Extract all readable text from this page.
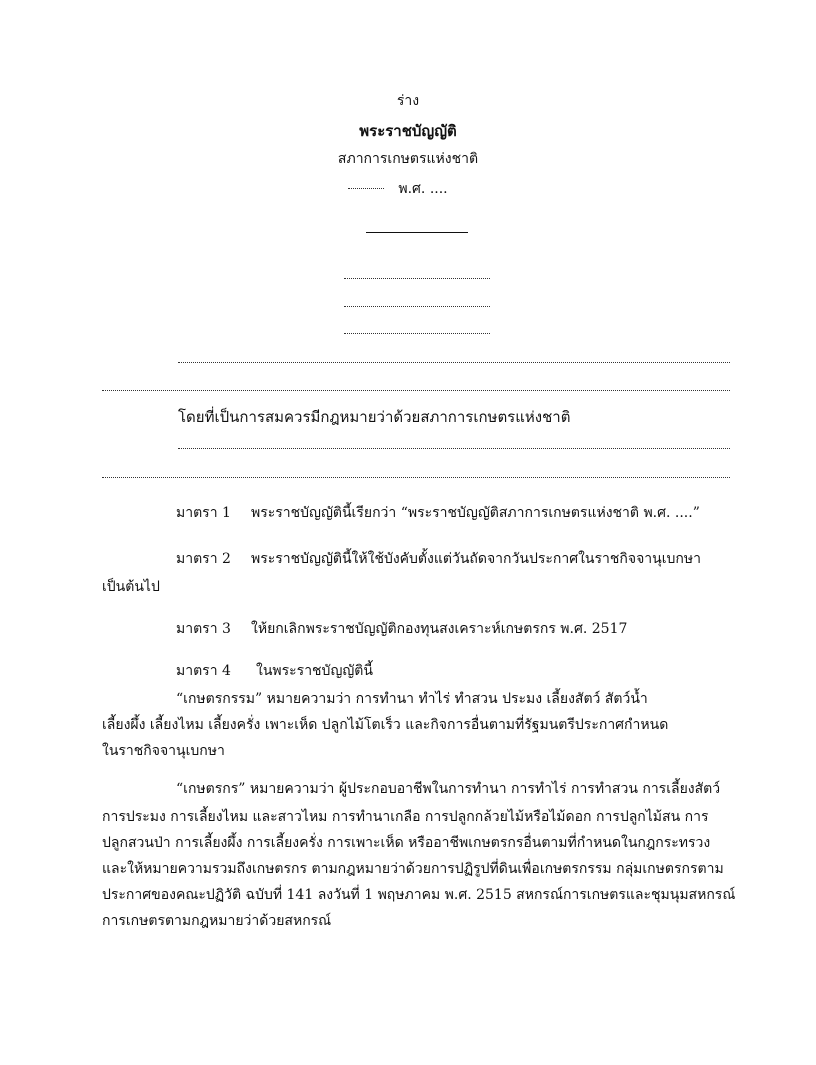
ร่าง
พระราชบัญญัติ
สภาการเกษตรแห่งชาติ
พ.ศ. ....
โดยที่เป็นการสมควรมีกฎหมายว่าด้วยสภาการเกษตรแห่งชาติ
มาตรา 1 พระราชบัญญัตินี้เรียกว่า “พระราชบัญญัติสภาการเกษตรแห่งชาติ พ.ศ. ....”
มาตรา 2 พระราชบัญญัตินี้ให้ใช้บังคับตั้งแต่วันถัดจากวันประกาศในราชกิจจานุเบกษา
เป็นต้นไป
มาตรา 3 ให้ยกเลิกพระราชบัญญัติกองทุนสงเคราะห์เกษตรกร พ.ศ. 2517
มาตรา 4 ในพระราชบัญญัตินี้
“เกษตรกรรม” หมายความว่า การทำนา ทำไร่ ทำสวน ประมง เลี้ยงสัตว์ สัตว์น้ำ
เลี้ยงผึ้ง เลี้ยงไหม เลี้ยงครั่ง เพาะเห็ด ปลูกไม้โตเร็ว และกิจการอื่นตามที่รัฐมนตรีประกาศกำหนด
ในราชกิจจานุเบกษา
“เกษตรกร” หมายความว่า ผู้ประกอบอาชีพในการทำนา การทำไร่ การทำสวน การเลี้ยงสัตว์
การประมง การเลี้ยงไหม และสาวไหม การทำนาเกลือ การปลูกกล้วยไม้หรือไม้ดอก การปลูกไม้สน การ
ปลูกสวนป่า การเลี้ยงผึ้ง การเลี้ยงครั่ง การเพาะเห็ด หรืออาชีพเกษตรกรอื่นตามที่กำหนดในกฎกระทรวง
และให้หมายความรวมถึงเกษตรกร ตามกฎหมายว่าด้วยการปฏิรูปที่ดินเพื่อเกษตรกรรม กลุ่มเกษตรกรตาม
ประกาศของคณะปฏิวัติ ฉบับที่ 141 ลงวันที่ 1 พฤษภาคม พ.ศ. 2515 สหกรณ์การเกษตรและชุมนุมสหกรณ์
การเกษตรตามกฎหมายว่าด้วยสหกรณ์
